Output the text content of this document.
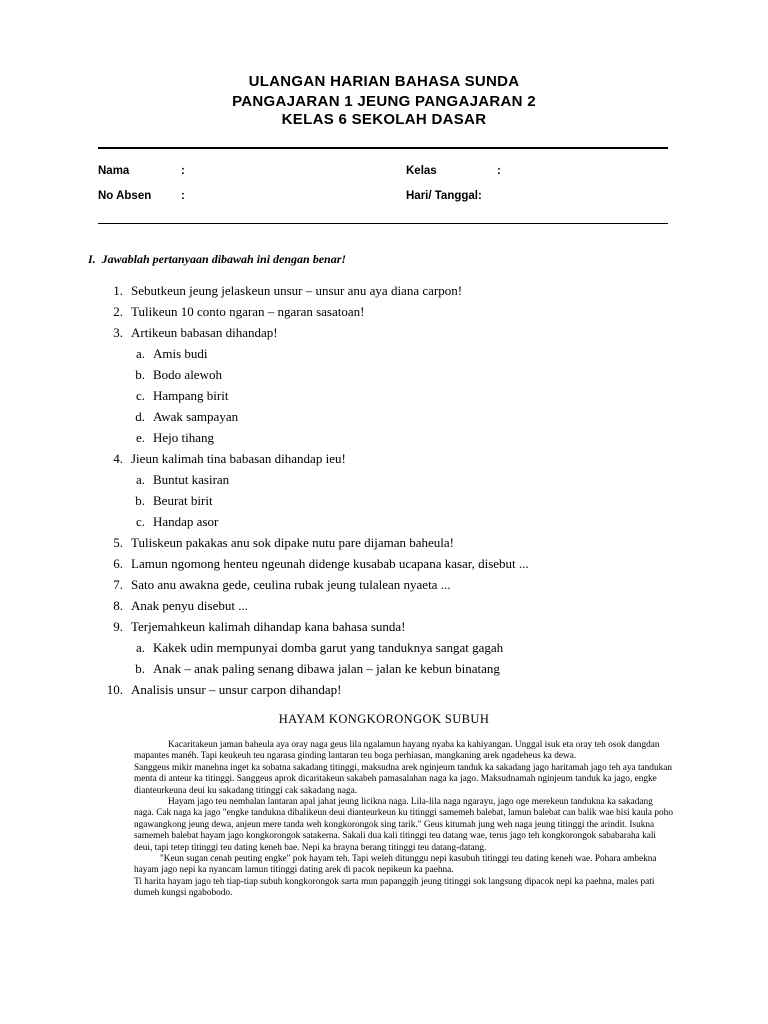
ULANGAN HARIAN BAHASA SUNDA
PANGAJARAN 1 JEUNG PANGAJARAN 2
KELAS 6 SEKOLAH DASAR
Nama	:	Kelas	:
No Absen	:	Hari/ Tanggal:
I. Jawablah pertanyaan dibawah ini dengan benar!
1. Sebutkeun jeung jelaskeun unsur – unsur anu aya diana carpon!
2. Tulikeun 10 conto ngaran – ngaran sasatoan!
3. Artikeun babasan dihandap!
a. Amis budi
b. Bodo alewoh
c. Hampang birit
d. Awak sampayan
e. Hejo tihang
4. Jieun kalimah tina babasan dihandap ieu!
a. Buntut kasiran
b. Beurat birit
c. Handap asor
5. Tuliskeun pakakas anu sok dipake nutu pare dijaman baheula!
6. Lamun ngomong henteu ngeunah didenge kusabab ucapana kasar, disebut ...
7. Sato anu awakna gede, ceulina rubak jeung tulalean nyaeta ...
8. Anak penyu disebut ...
9. Terjemahkeun kalimah dihandap kana bahasa sunda!
a. Kakek udin mempunyai domba garut yang tanduknya sangat gagah
b. Anak – anak paling senang dibawa jalan – jalan ke kebun binatang
10. Analisis unsur – unsur carpon dihandap!
HAYAM KONGKORONGOK SUBUH

Kacaritakeun jaman baheula aya oray naga geus lila ngalamun hayang nyaba ka kahiyangan. Unggal isuk eta oray teh osok dangdan mapantes manéh. Tapi keukeuh teu ngarasa ginding lantaran teu boga perhiasan, mangkaning arek ngadeheus ka dewa.

Sanggeus mikir manehna inget ka sobatna sakadang titinggi, maksudna arek nginjeum tanduk ka sakadang jago haritamah jago teh aya tandukan menta di anteur ka titinggi. Sanggeus aprok dicaritakeun sakabeh pamasalahan naga ka jago. Maksudnamah nginjeum tanduk ka jago, engke dianteurkeuna deui ku sakadang titinggi cak sakadang naga.

Hayam jago teu nembalan lantaran apal jahat jeung licikna naga. Lila-lila naga ngarayu, jago oge merekeun tandukna ka sakadang naga. Cak naga ka jago "engke tandukna dibalikeun deui dianteurkeun ku titinggi samemeh balebat, lamun balebat can balik wae bisi kaula poho ngawangkong jeung dewa, anjeun mere tanda weh kongkorongok sing tarik." Geus kitumah jung weh naga jeung titinggi the arindit. Isukna samemeh balebat hayam jago kongkorongok satakerna. Sakali dua kali titinggi teu datang wae, terus jago teh kongkorongok sababaraha kali deui, tapi tetep titinggi teu dating keneh bae. Nepi ka brayna berang titinggi teu datang-datang.

"Keun sugan cenah peuting engke" pok hayam teh. Tapi weleh ditunggu nepi kasubuh titinggi teu dating keneh wae. Pohara ambekna hayam jago nepi ka nyancam lamun titinggi dating arek di pacok nepikeun ka paehna.

Ti harita hayam jago teh tiap-tiap subuh kongkorongok sarta mun papanggih jeung titinggi sok langsung dipacok nepi ka paehna, males pati dumeh kungsi ngabobodo.
